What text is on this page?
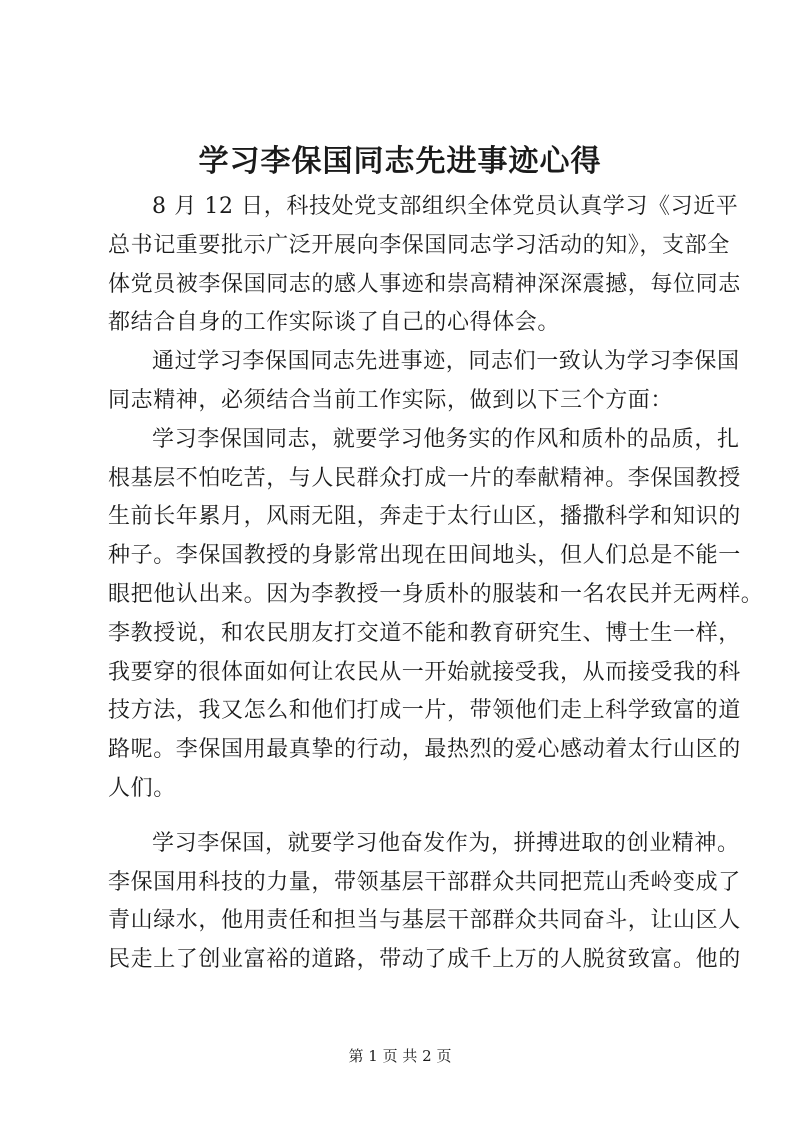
学习李保国同志先进事迹心得
8 月 12 日，科技处党支部组织全体党员认真学习《习近平
总书记重要批示广泛开展向李保国同志学习活动的知》，支部全
体党员被李保国同志的感人事迹和崇高精神深深震撼，每位同志
都结合自身的工作实际谈了自己的心得体会。
通过学习李保国同志先进事迹，同志们一致认为学习李保国
同志精神，必须结合当前工作实际，做到以下三个方面：
学习李保国同志，就要学习他务实的作风和质朴的品质，扎
根基层不怕吃苦，与人民群众打成一片的奉献精神。李保国教授
生前长年累月，风雨无阻，奔走于太行山区，播撒科学和知识的
种子。李保国教授的身影常出现在田间地头，但人们总是不能一
眼把他认出来。因为李教授一身质朴的服装和一名农民并无两样。
李教授说，和农民朋友打交道不能和教育研究生、博士生一样，
我要穿的很体面如何让农民从一开始就接受我，从而接受我的科
技方法，我又怎么和他们打成一片，带领他们走上科学致富的道
路呢。李保国用最真挚的行动，最热烈的爱心感动着太行山区的
人们。
学习李保国，就要学习他奋发作为，拼搏进取的创业精神。
李保国用科技的力量，带领基层干部群众共同把荒山秃岭变成了
青山绿水，他用责任和担当与基层干部群众共同奋斗，让山区人
民走上了创业富裕的道路，带动了成千上万的人脱贫致富。他的
第 1 页 共 2 页
